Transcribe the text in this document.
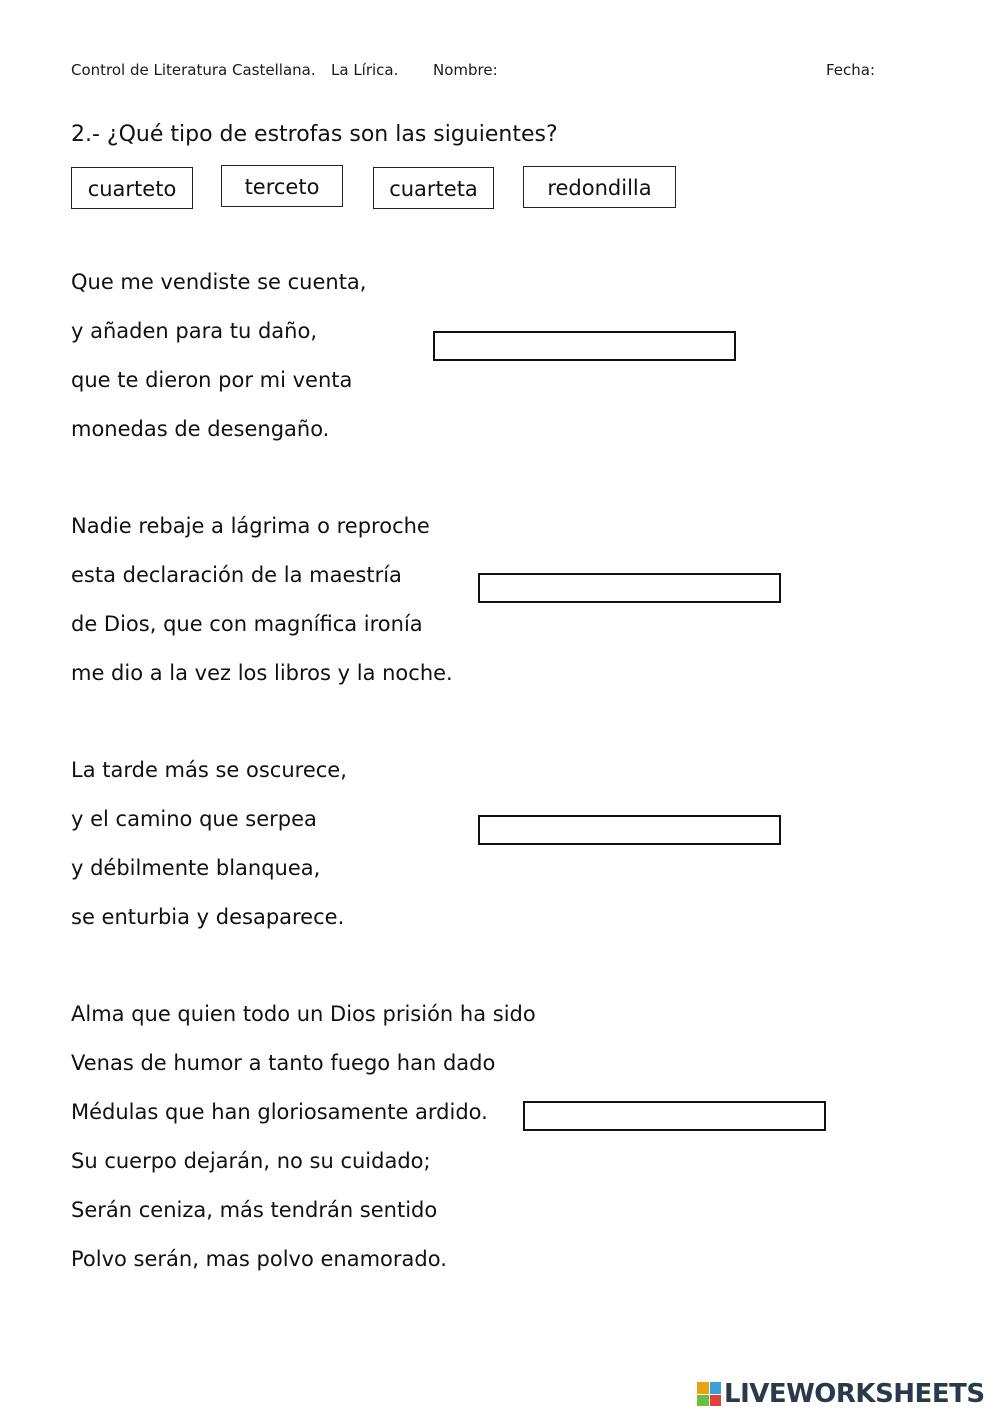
Control de Literatura Castellana. La Lírica. Nombre:	Fecha:
2.- ¿Qué tipo de estrofas son las siguientes?
cuarteto	terceto	cuarteta	redondilla
Que me vendiste se cuenta,
y añaden para tu daño,
que te dieron por mi venta
monedas de desengaño.
Nadie rebaje a lágrima o reproche
esta declaración de la maestría
de Dios, que con magnífica ironía
me dio a la vez los libros y la noche.
La tarde más se oscurece,
y el camino que serpea
y débilmente blanquea,
se enturbia y desaparece.
Alma que quien todo un Dios prisión ha sido
Venas de humor a tanto fuego han dado
Médulas que han gloriosamente ardido.
Su cuerpo dejarán, no su cuidado;
Serán ceniza, más tendrán sentido
Polvo serán, mas polvo enamorado.
LIVEWORKSHEETS
